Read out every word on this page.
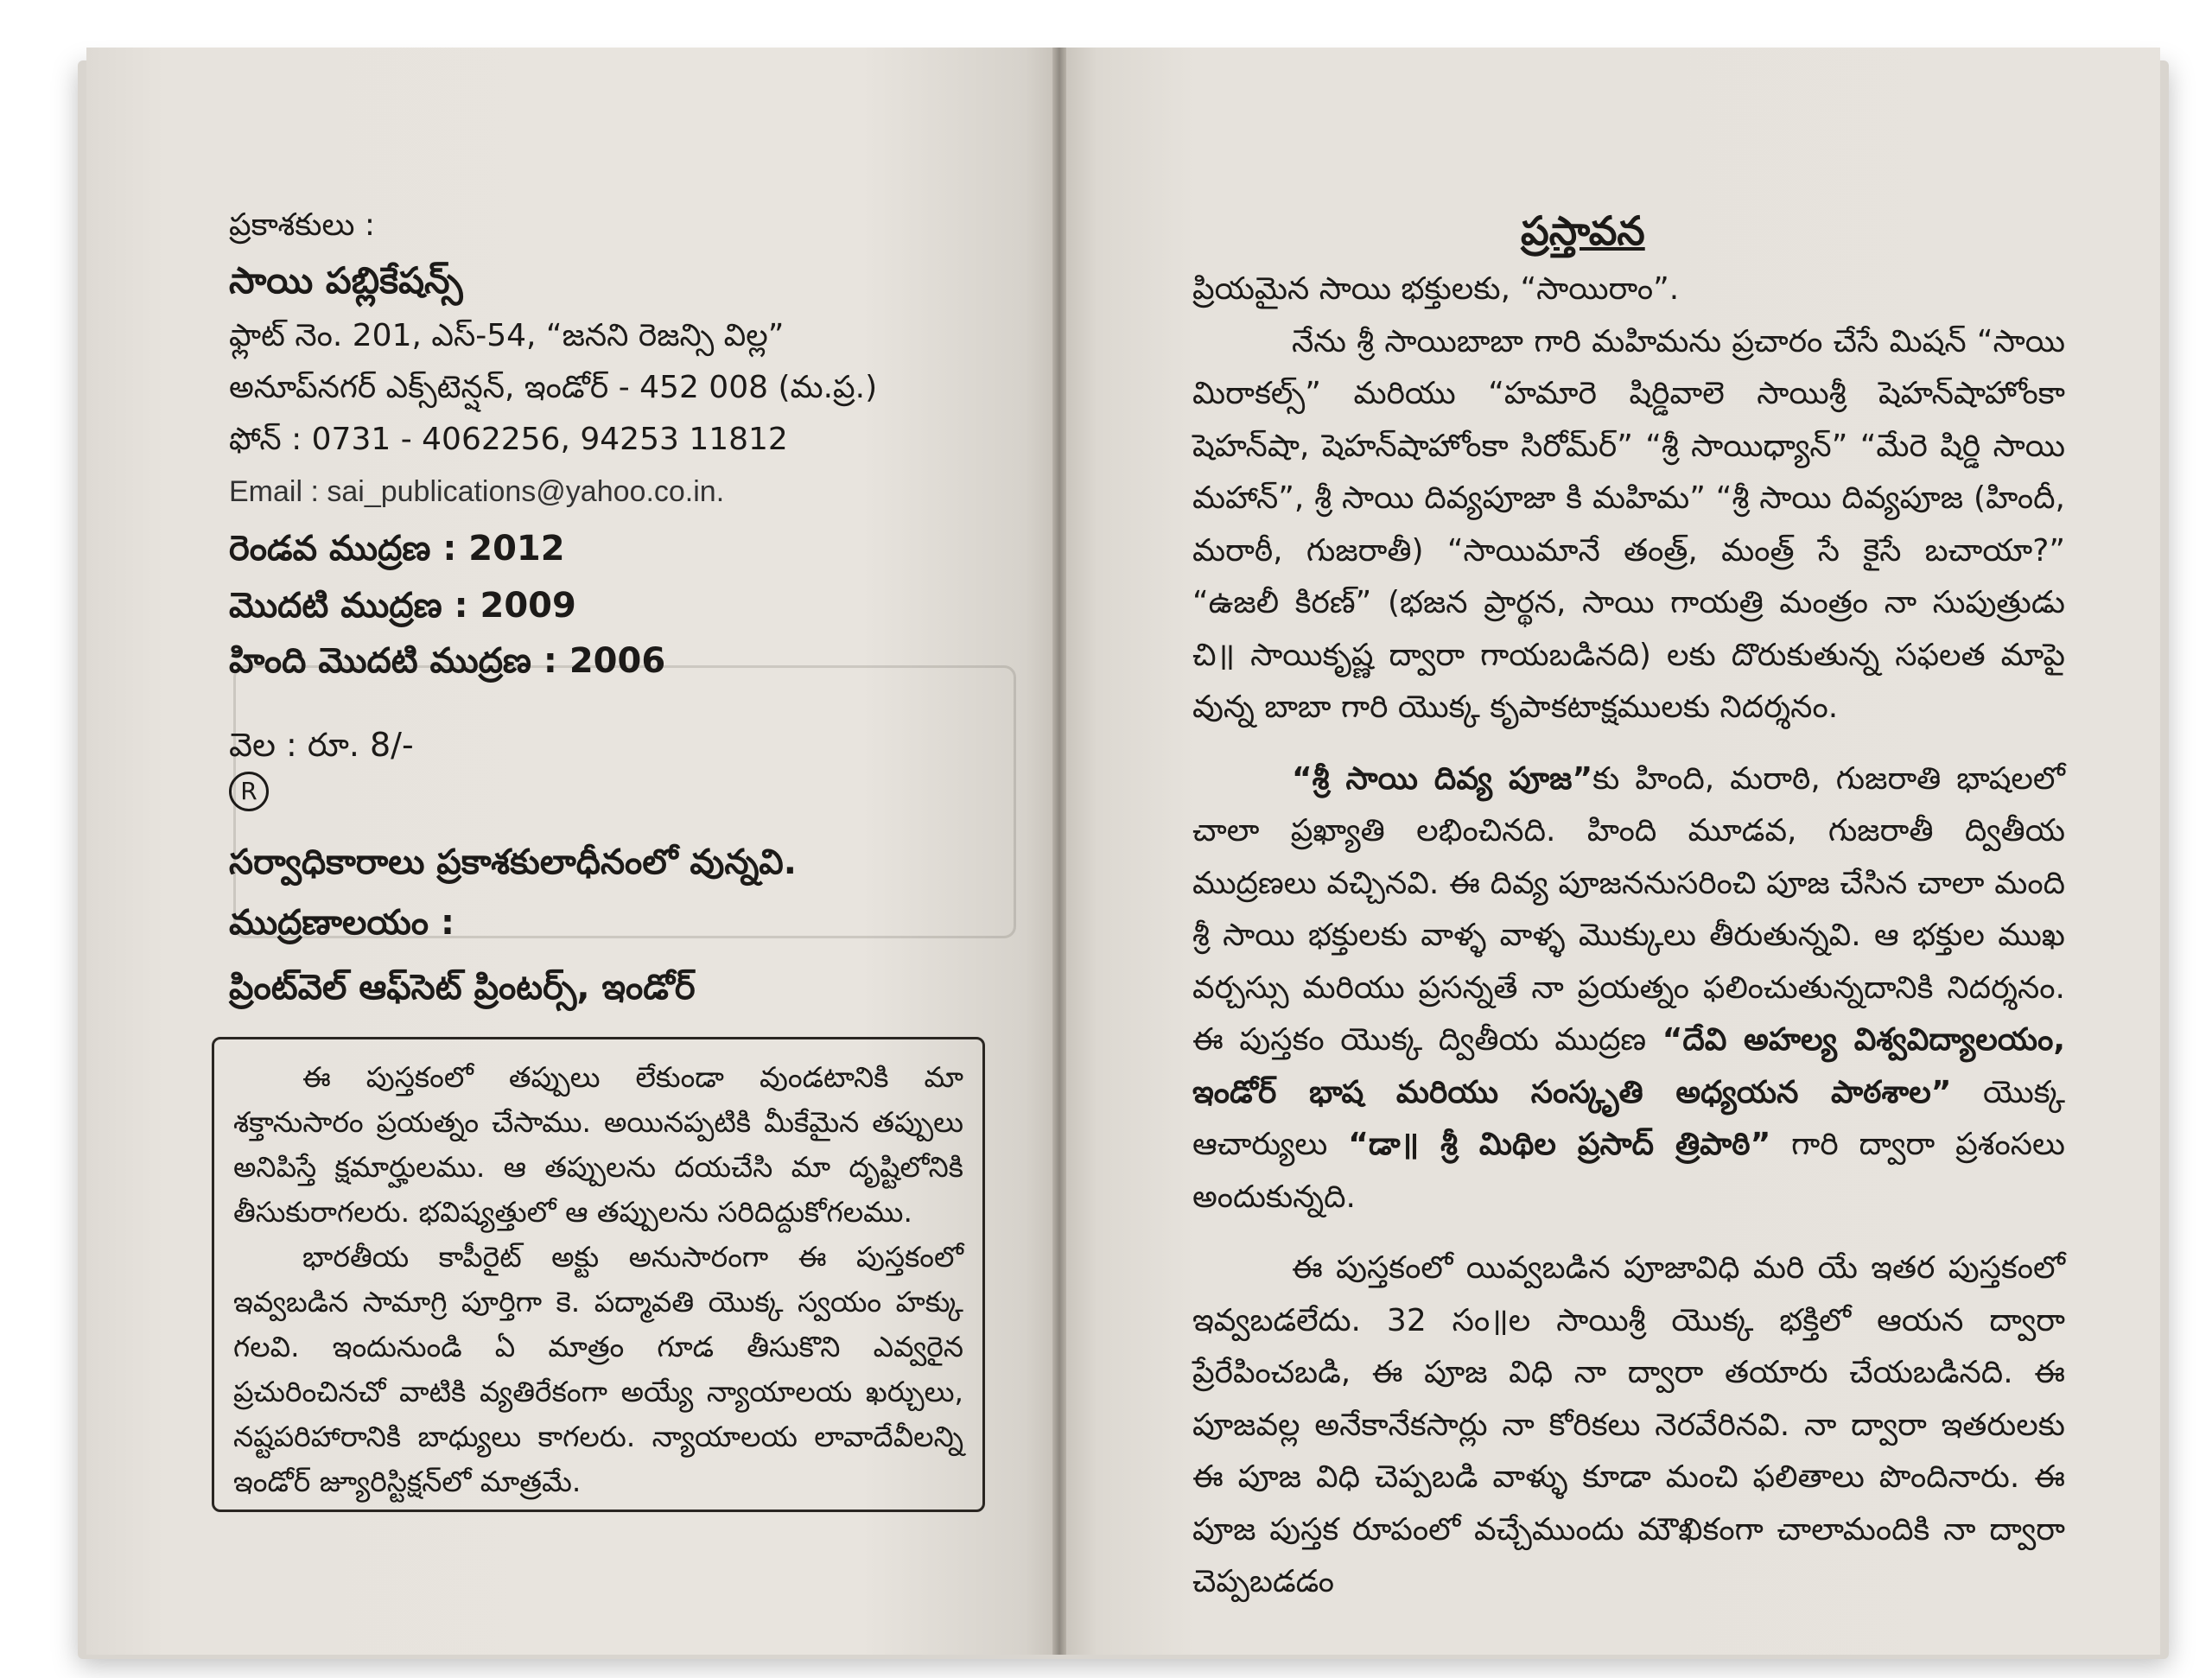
ప్రకాశకులు :
సాయి పబ్లికేషన్స్
ఫ్లాట్ నెం. 201, ఎస్-54, “జనని రెజన్సి విల్ల”
అనూప్‌నగర్ ఎక్స్‌టెన్షన్, ఇండోర్ - 452 008 (మ.ప్ర.)
ఫోన్ : 0731 - 4062256, 94253 11812
Email : sai_publications@yahoo.co.in.
రెండవ ముద్రణ : 2012
మొదటి ముద్రణ : 2009
హింది మొదటి ముద్రణ : 2006
వెల : రూ. 8/-
R
సర్వాధికారాలు ప్రకాశకులాధీనంలో వున్నవి.
ముద్రణాలయం :
ప్రింట్‌వెల్ ఆఫ్‌సెట్ ప్రింటర్స్, ఇండోర్

ఈ పుస్తకంలో తప్పులు లేకుండా వుండటానికి మా శక్తానుసారం ప్రయత్నం చేసాము. అయినప్పటికి మీకేమైన తప్పులు అనిపిస్తే క్షమార్హులము. ఆ తప్పులను దయచేసి మా దృష్టిలోనికి తీసుకురాగలరు. భవిష్యత్తులో ఆ తప్పులను సరిదిద్దుకోగలము.

భారతీయ కాపీరైట్ అక్టు అనుసారంగా ఈ పుస్తకంలో ఇవ్వబడిన సామాగ్రి పూర్తిగా కె. పద్మావతి యొక్క స్వయం హక్కు గలవి. ఇందునుండి ఏ మాత్రం గూడ తీసుకొని ఎవ్వరైన ప్రచురించినచో వాటికి వ్యతిరేకంగా అయ్యే న్యాయాలయ ఖర్చులు, నష్టపరిహారానికి బాధ్యులు కాగలరు. న్యాయాలయ లావాదేవీలన్ని ఇండోర్ జ్యూరిస్టిక్షన్‌లో మాత్రమే.

ప్రస్తావన

ప్రియమైన సాయి భక్తులకు, “సాయిరాం”.

నేను శ్రీ సాయిబాబా గారి మహిమను ప్రచారం చేసే మిషన్ “సాయి మిరాకల్స్” మరియు “హమారె షిర్డివాలె సాయిశ్రీ షెహన్‌షాహోంకా షెహన్‌షా, షెహన్‌షాహోంకా సిరోమ్‌ర్” “శ్రీ సాయిధ్యాన్” “మేరె షిర్డి సాయి మహాన్”, శ్రీ సాయి దివ్యపూజా కి మహిమ” “శ్రీ సాయి దివ్యపూజ (హిందీ, మరాఠీ, గుజరాతీ) “సాయిమానే తంత్ర్, మంత్ర్ సే కైసే బచాయా?” “ఉజలీ కిరణ్” (భజన ప్రార్థన, సాయి గాయత్రి మంత్రం నా సుపుత్రుడు చి॥ సాయికృష్ణ ద్వారా గాయబడినది) లకు దొరుకుతున్న సఫలత మాపై వున్న బాబా గారి యొక్క కృపాకటాక్షములకు నిదర్శనం.

“శ్రీ సాయి దివ్య పూజ”కు హింది, మరాఠి, గుజరాతి భాషలలో చాలా ప్రఖ్యాతి లభించినది. హింది మూడవ, గుజరాతీ ద్వితీయ ముద్రణలు వచ్చినవి. ఈ దివ్య పూజననుసరించి పూజ చేసిన చాలా మంది శ్రీ సాయి భక్తులకు వాళ్ళ వాళ్ళ మొక్కులు తీరుతున్నవి. ఆ భక్తుల ముఖ వర్చస్సు మరియు ప్రసన్నతే నా ప్రయత్నం ఫలించుతున్నదానికి నిదర్శనం. ఈ పుస్తకం యొక్క ద్వితీయ ముద్రణ “దేవి అహల్య విశ్వవిద్యాలయం, ఇండోర్ భాష మరియు సంస్కృతి అధ్యయన పాఠశాల” యొక్క ఆచార్యులు “డా॥ శ్రీ మిథిల ప్రసాద్ త్రిపాఠి” గారి ద్వారా ప్రశంసలు అందుకున్నది.

ఈ పుస్తకంలో యివ్వబడిన పూజావిధి మరి యే ఇతర పుస్తకంలో ఇవ్వబడలేదు. 32 సం॥ల సాయిశ్రీ యొక్క భక్తిలో ఆయన ద్వారా ప్రేరేపించబడి, ఈ పూజ విధి నా ద్వారా తయారు చేయబడినది. ఈ పూజవల్ల అనేకానేకసార్లు నా కోరికలు నెరవేరినవి. నా ద్వారా ఇతరులకు ఈ పూజ విధి చెప్పబడి వాళ్ళు కూడా మంచి ఫలితాలు పొందినారు. ఈ పూజ పుస్తక రూపంలో వచ్చేముందు మౌఖికంగా చాలామందికి నా ద్వారా చెప్పబడడం
